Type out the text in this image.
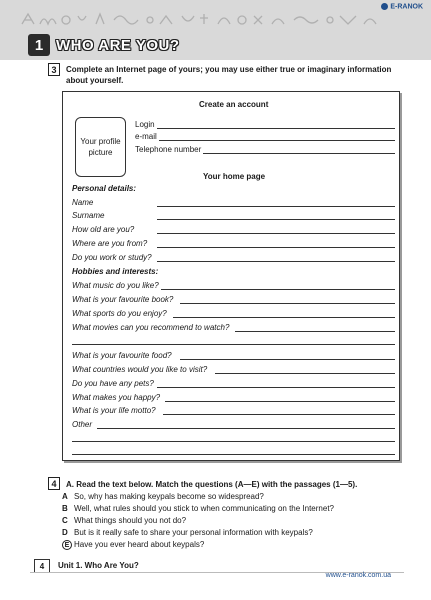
E-RANOK
1 WHO ARE YOU?
3	Complete an Internet page of yours; you may use either true or imaginary information
about yourself.
Create an account
Your profile
picture
Login
e-mail
Telephone number
Your home page
Personal details:
Name
Surname
How old are you?
Where are you from?
Do you work or study?
Hobbies and interests:
What music do you like?
What is your favourite book?
What sports do you enjoy?
What movies can you recommend to watch?
What is your favourite food?
What countries would you like to visit?
Do you have any pets?
What makes you happy?
What is your life motto?
Other
4	A. Read the text below. Match the questions (A—E) with the passages (1—5).
A So, why has making keypals become so widespread?
B Well, what rules should you stick to when communicating on the Internet?
C What things should you not do?
D But is it really safe to share your personal information with keypals?
E Have you ever heard about keypals?
4	Unit 1. Who Are You?
www.e-ranok.com.ua
